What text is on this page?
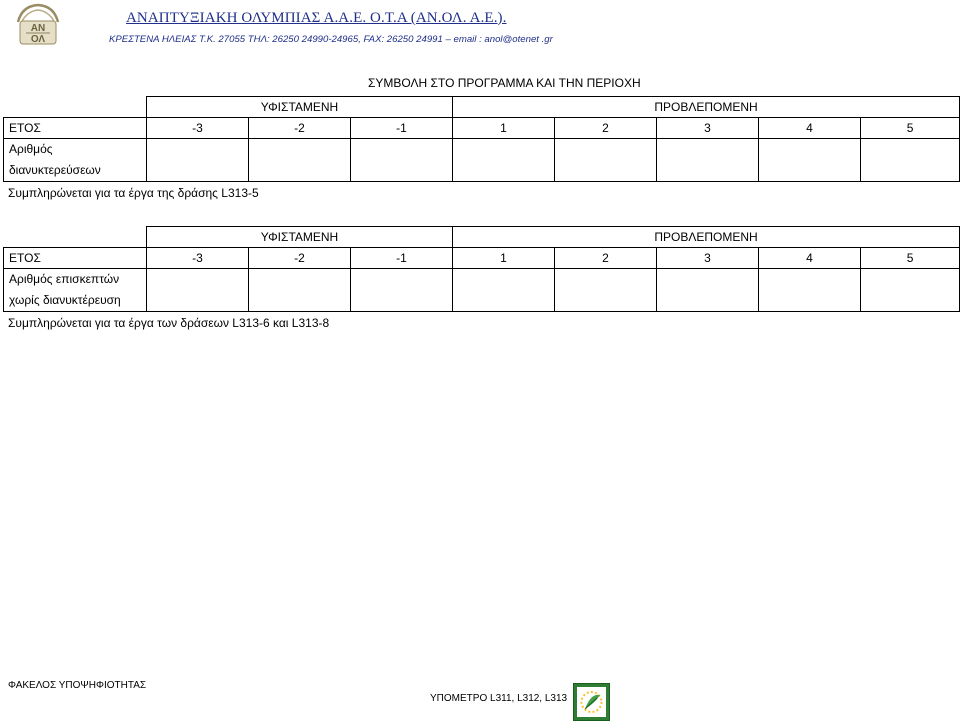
ΑΝ
ΟΛ
ΑΝΑΠΤΥΞΙΑΚΗ ΟΛΥΜΠΙΑΣ Α.Α.Ε. Ο.Τ.Α (ΑΝ.ΟΛ. Α.Ε.).
ΚΡΕΣΤΕΝΑ ΗΛΕΙΑΣ Τ.Κ. 27055 ΤΗΛ: 26250 24990-24965, FAX: 26250 24991 – email : anol@otenet .gr
ΣΥΜΒΟΛΗ ΣΤΟ ΠΡΟΓΡΑΜΜΑ ΚΑΙ ΤΗΝ ΠΕΡΙΟΧΗ
	ΥΦΙΣΤΑΜΕΝΗ			ΠΡΟΒΛΕΠΟΜΕΝΗ				
ΕΤΟΣ	-3	-2	-1	1	2	3	4	5
Αριθμός διανυκτερεύσεων								
Συμπληρώνεται για τα έργα της δράσης L313-5
	ΥΦΙΣΤΑΜΕΝΗ			ΠΡΟΒΛΕΠΟΜΕΝΗ				
ΕΤΟΣ	-3	-2	-1	1	2	3	4	5
Αριθμός επισκεπτών χωρίς διανυκτέρευση								
Συμπληρώνεται για τα έργα των δράσεων L313-6 και L313-8
ΦΑΚΕΛΟΣ ΥΠΟΨΗΦΙΟΤΗΤΑΣ
ΥΠΟΜΕΤΡΟ L311, L312, L313
